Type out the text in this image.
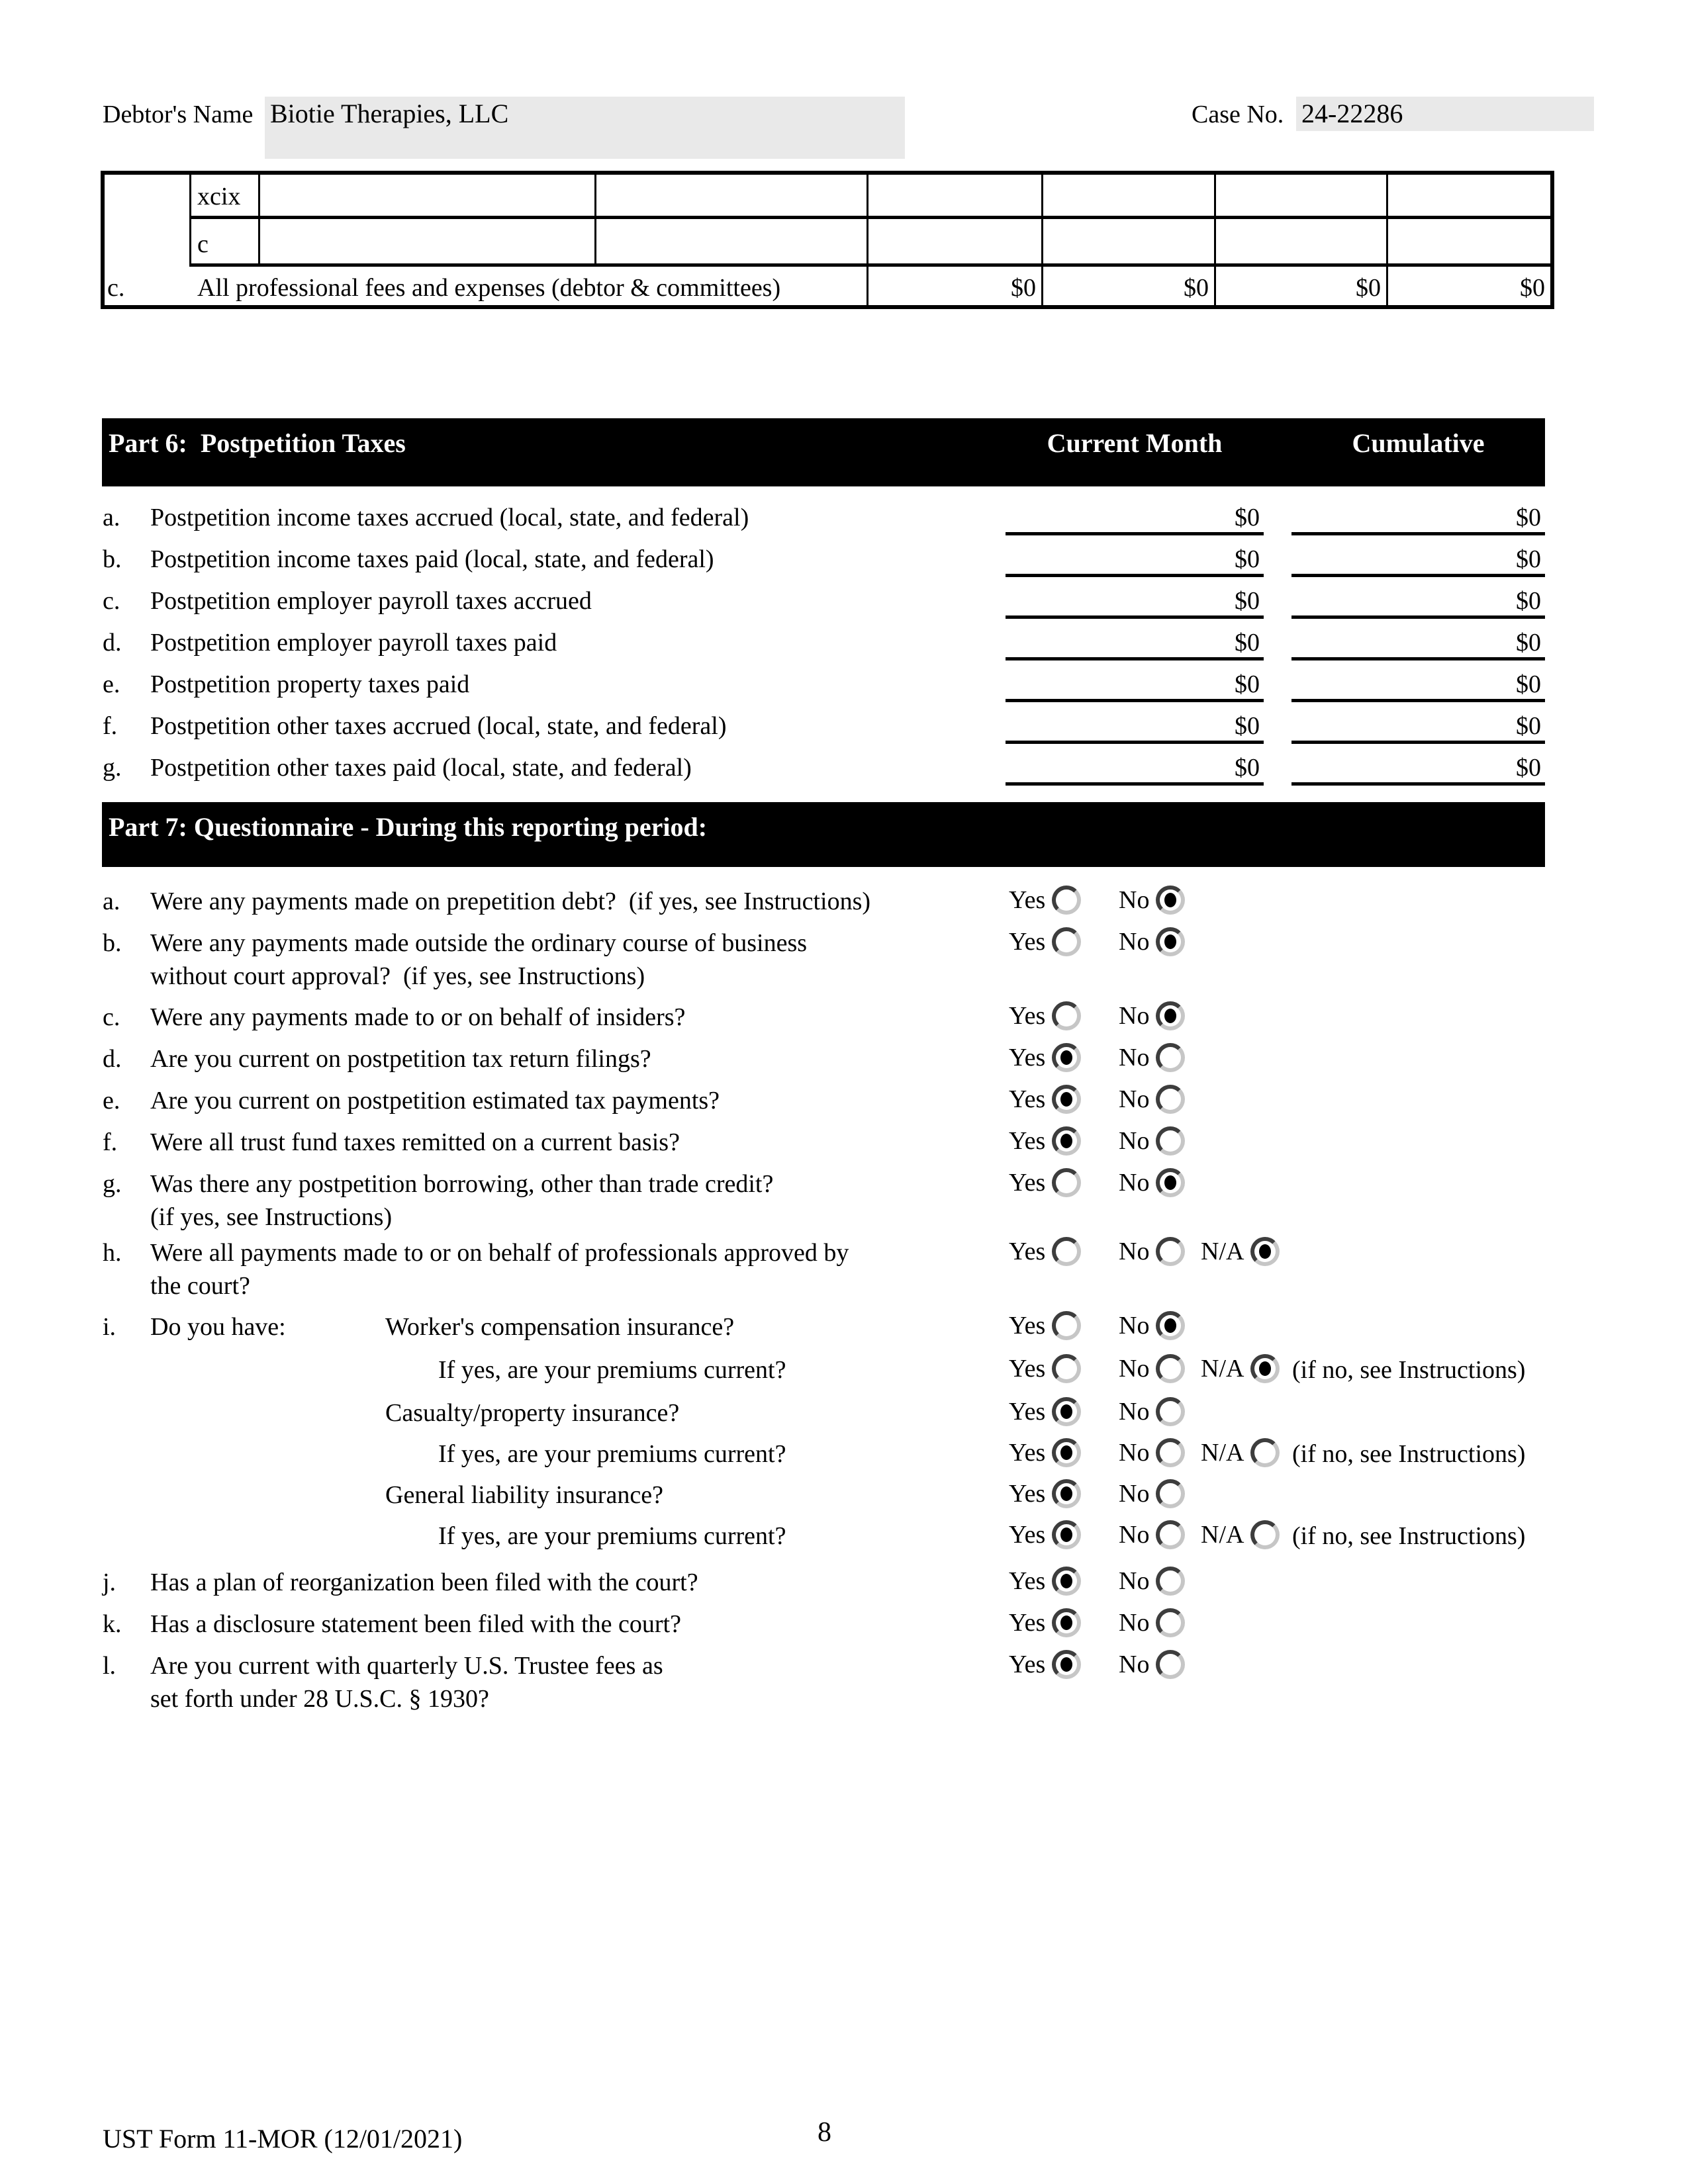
Debtor's Name Biotie Therapies, LLC	Case No. 24-22286
xcix
c
c.	All professional fees and expenses (debtor & committees)	$0	$0	$0	$0
Part 6:  Postpetition Taxes	Current Month	Cumulative
a. Postpetition income taxes accrued (local, state, and federal)	$0	$0
b. Postpetition income taxes paid (local, state, and federal)	$0	$0
c. Postpetition employer payroll taxes accrued	$0	$0
d. Postpetition employer payroll taxes paid	$0	$0
e. Postpetition property taxes paid	$0	$0
f. Postpetition other taxes accrued (local, state, and federal)	$0	$0
g. Postpetition other taxes paid (local, state, and federal)	$0	$0
Part 7: Questionnaire - During this reporting period:
a. Were any payments made on prepetition debt?  (if yes, see Instructions)	Yes	No
b. Were any payments made outside the ordinary course of business
without court approval?  (if yes, see Instructions)
Yes	No
c. Were any payments made to or on behalf of insiders?	Yes	No
d. Are you current on postpetition tax return filings?	Yes	No
e. Are you current on postpetition estimated tax payments?	Yes	No
f. Were all trust fund taxes remitted on a current basis?	Yes	No
g. Was there any postpetition borrowing, other than trade credit?
(if yes, see Instructions)
Yes	No
h. Were all payments made to or on behalf of professionals approved by
the court?
Yes	No N/A
i. Do you have:	Worker's compensation insurance?	Yes	No
If yes, are your premiums current?	Yes	No N/A (if no, see Instructions)
Casualty/property insurance?	Yes	No
If yes, are your premiums current?	Yes	No N/A (if no, see Instructions)
General liability insurance?	Yes	No
If yes, are your premiums current?	Yes	No N/A (if no, see Instructions)
j. Has a plan of reorganization been filed with the court?	Yes	No
k. Has a disclosure statement been filed with the court?	Yes	No
l. Are you current with quarterly U.S. Trustee fees as
set forth under 28 U.S.C. § 1930?
Yes	No
UST Form 11-MOR (12/01/2021)	8
